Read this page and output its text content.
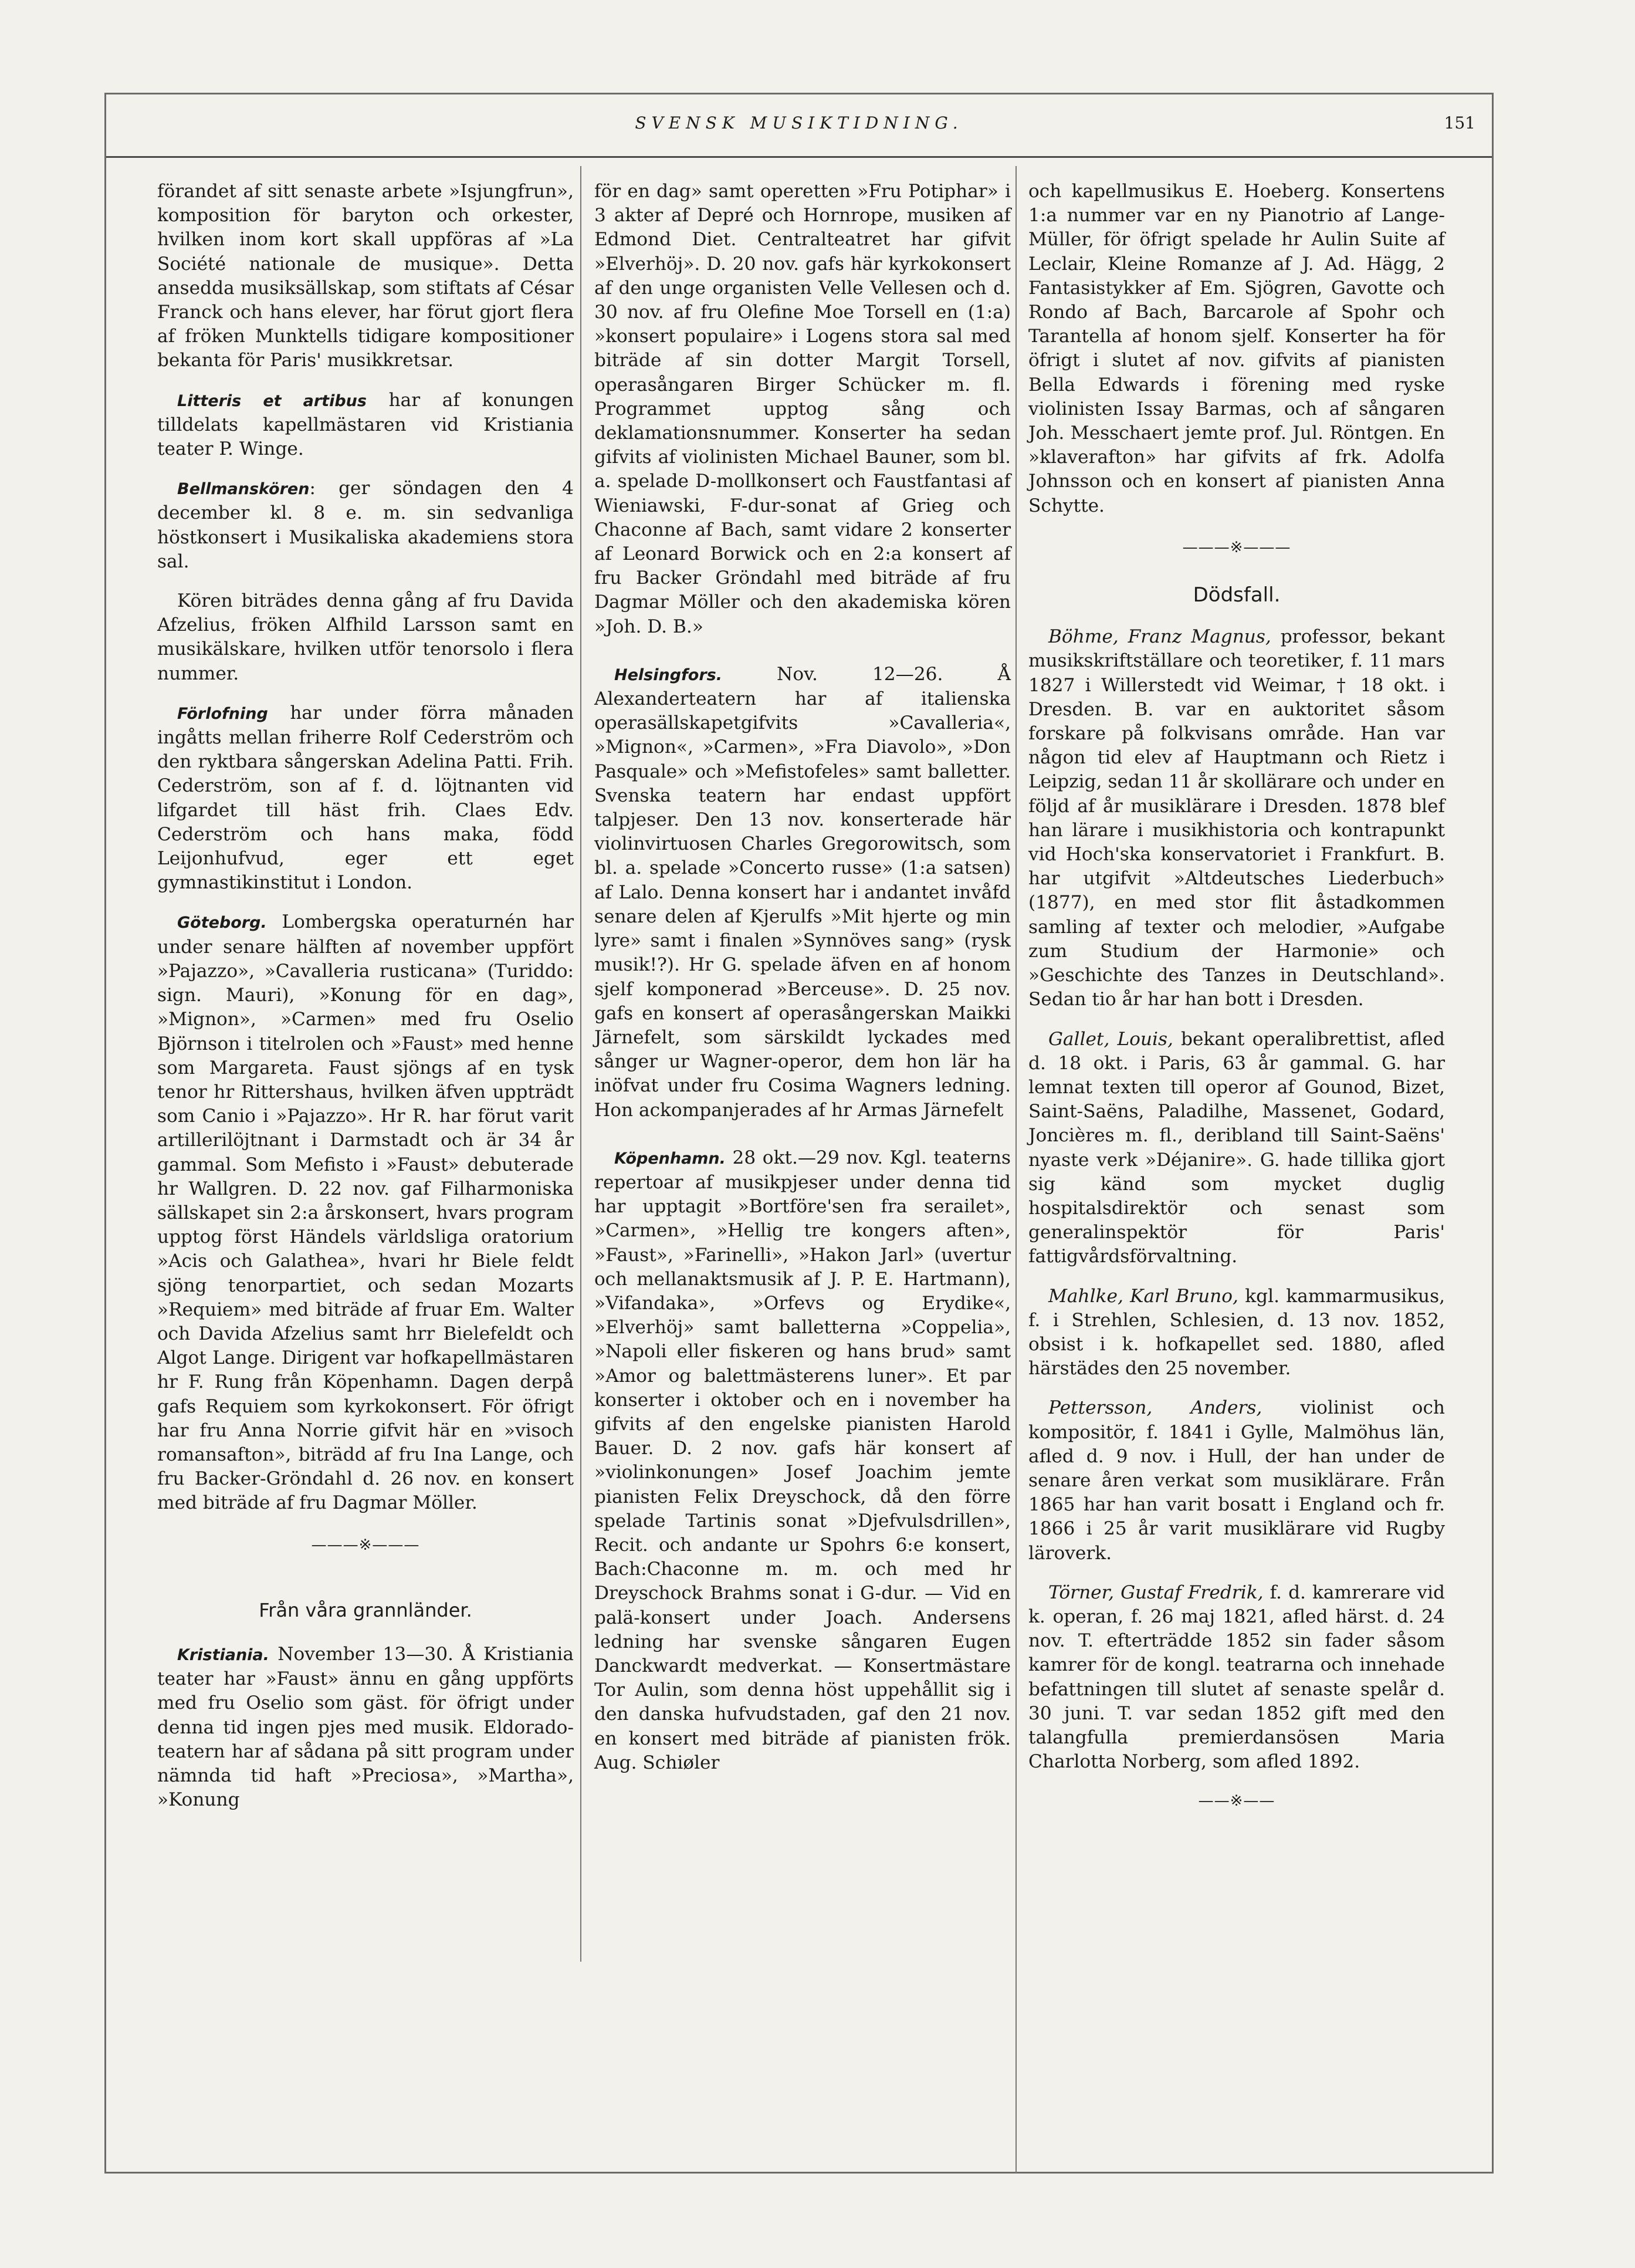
SVENSK MUSIKTIDNING.	151

förandet af sitt senaste arbete »Isjungfrun», komposition för baryton och orkester, hvilken inom kort skall uppföras af »La Société nationale de musique». Detta ansedda musiksällskap, som stiftats af César Franck och hans elever, har förut gjort flera af fröken Munktells tidigare kompositioner bekanta för Paris' musikkretsar.

Litteris et artibus har af konungen tilldelats kapellmästaren vid Kristiania teater P. Winge.

Bellmanskören: ger söndagen den 4 december kl. 8 e. m. sin sedvanliga höstkonsert i Musikaliska akademiens stora sal.

Kören biträdes denna gång af fru Davida Afzelius, fröken Alfhild Larsson samt en musikälskare, hvilken utför tenorsolo i flera nummer.

Förlofning har under förra månaden ingåtts mellan friherre Rolf Cederström och den ryktbara sångerskan Adelina Patti. Frih. Cederström, son af f. d. löjtnanten vid lifgardet till häst frih. Claes Edv. Cederström och hans maka, född Leijonhufvud, eger ett eget gymnastikinstitut i London.

Göteborg. Lombergska operaturnén har under senare hälften af november uppfört »Pajazzo», »Cavalleria rusticana» (Turiddo: sign. Mauri), »Konung för en dag», »Mignon», »Carmen» med fru Oselio Björnson i titelrolen och »Faust» med henne som Margareta. Faust sjöngs af en tysk tenor hr Rittershaus, hvilken äfven uppträdt som Canio i »Pajazzo». Hr R. har förut varit artillerilöjtnant i Darmstadt och är 34 år gammal. Som Mefisto i »Faust» debuterade hr Wallgren. D. 22 nov. gaf Filharmoniska sällskapet sin 2:a årskonsert, hvars program upptog först Händels världsliga oratorium »Acis och Galathea», hvari hr Biele feldt sjöng tenorpartiet, och sedan Mozarts »Requiem» med biträde af fruar Em. Walter och Davida Afzelius samt hrr Bielefeldt och Algot Lange. Dirigent var hofkapellmästaren hr F. Rung från Köpenhamn. Dagen derpå gafs Requiem som kyrkokonsert. För öfrigt har fru Anna Norrie gifvit här en »visoch romansafton», biträdd af fru Ina Lange, och fru Backer-Gröndahl d. 26 nov. en konsert med biträde af fru Dagmar Möller.

———※———
Från våra grannländer.

Kristiania. November 13—30. Å Kristiania teater har »Faust» ännu en gång uppförts med fru Oselio som gäst. för öfrigt under denna tid ingen pjes med musik. Eldorado-teatern har af sådana på sitt program under nämnda tid haft »Preciosa», »Martha», »Konung

för en dag» samt operetten »Fru Potiphar» i 3 akter af Depré och Hornrope, musiken af Edmond Diet. Centralteatret har gifvit »Elverhöj». D. 20 nov. gafs här kyrkokonsert af den unge organisten Velle Vellesen och d. 30 nov. af fru Olefine Moe Torsell en (1:a) »konsert populaire» i Logens stora sal med biträde af sin dotter Margit Torsell, operasångaren Birger Schücker m. fl. Programmet upptog sång och deklamationsnummer. Konserter ha sedan gifvits af violinisten Michael Bauner, som bl. a. spelade D-mollkonsert och Faustfantasi af Wieniawski, F-dur-sonat af Grieg och Chaconne af Bach, samt vidare 2 konserter af Leonard Borwick och en 2:a konsert af fru Backer Gröndahl med biträde af fru Dagmar Möller och den akademiska kören »Joh. D. B.»

Helsingfors.	Nov. 12—26. Å Alexanderteatern har af italienska operasällskapetgifvits »Cavalleria«, »Mignon«, »Carmen», »Fra Diavolo», »Don Pasquale» och »Mefistofeles» samt balletter. Svenska teatern har endast uppfört talpjeser. Den 13 nov. konserterade här violinvirtuosen Charles Gregorowitsch, som bl. a. spelade »Concerto russe» (1:a satsen) af Lalo. Denna konsert har i andantet invåfd senare delen af Kjerulfs »Mit hjerte og min lyre» samt i finalen »Synnöves sang» (rysk musik!?). Hr G. spelade äfven en af honom sjelf komponerad »Berceuse». D. 25 nov. gafs en konsert af operasångerskan Maikki Järnefelt, som särskildt lyckades med sånger ur Wagner-operor, dem hon lär ha inöfvat under fru Cosima Wagners ledning. Hon ackompanjerades af hr Armas Järnefelt

Köpenhamn. 28 okt.—29 nov. Kgl. teaterns repertoar af musikpjeser under denna tid har upptagit »Bortföre'sen fra serailet», »Carmen», »Hellig tre kongers aften», »Faust», »Farinelli», »Hakon Jarl» (uvertur och mellanaktsmusik af J. P. E. Hartmann), »Vifandaka», »Orfevs og Erydike«, »Elverhöj» samt balletterna »Coppelia», »Napoli eller fiskeren og hans brud» samt »Amor og balettmästerens luner». Et par konserter i oktober och en i november ha gifvits af den engelske pianisten Harold Bauer. D. 2 nov. gafs här konsert af »violinkonungen» Josef Joachim jemte pianisten Felix Dreyschock, då den förre spelade Tartinis sonat »Djefvulsdrillen», Recit. och andante ur Spohrs 6:e konsert, Bach:Chaconne m. m. och med hr Dreyschock Brahms sonat i G-dur. — Vid en palä-konsert under Joach. Andersens ledning har svenske sångaren Eugen Danckwardt medverkat. — Konsertmästare Tor Aulin, som denna höst uppehållit sig i den danska hufvudstaden, gaf den 21 nov. en konsert med biträde af pianisten frök. Aug. Schiøler

och kapellmusikus E. Hoeberg. Konsertens 1:a nummer var en ny Pianotrio af Lange-Müller, för öfrigt spelade hr Aulin Suite af Leclair, Kleine Romanze af J. Ad. Hägg, 2 Fantasistykker af Em. Sjögren, Gavotte och Rondo af Bach, Barcarole af Spohr och Tarantella af honom sjelf. Konserter ha för öfrigt i slutet af nov. gifvits af pianisten Bella Edwards i förening med ryske violinisten Issay Barmas, och af sångaren Joh. Messchaert jemte prof. Jul. Röntgen. En »klaverafton» har gifvits af frk. Adolfa Johnsson och en konsert af pianisten Anna Schytte.

———※———
Dödsfall.

Böhme, Franz Magnus, professor, bekant musikskriftställare och teoretiker, f. 11 mars 1827 i Willerstedt vid Weimar, † 18 okt. i Dresden. B. var en auktoritet såsom forskare på folkvisans område. Han var någon tid elev af Hauptmann och Rietz i Leipzig, sedan 11 år skollärare och under en följd af år musiklärare i Dresden. 1878 blef han lärare i musikhistoria och kontrapunkt vid Hoch'ska konservatoriet i Frankfurt. B. har utgifvit »Altdeutsches Liederbuch» (1877), en med stor flit åstadkommen samling af texter och melodier, »Aufgabe zum Studium der Harmonie» och »Geschichte des Tanzes in Deutschland». Sedan tio år har han bott i Dresden.

Gallet, Louis, bekant operalibrettist, afled d. 18 okt. i Paris, 63 år gammal. G. har lemnat texten till operor af Gounod, Bizet, Saint-Saëns, Paladilhe, Massenet, Godard, Joncières m. fl., deribland till Saint-Saëns' nyaste verk »Déjanire». G. hade tillika gjort sig känd som mycket duglig hospitalsdirektör och senast som generalinspektör för Paris' fattigvårdsförvaltning.

Mahlke, Karl Bruno, kgl. kammarmusikus, f. i Strehlen, Schlesien, d. 13 nov. 1852, obsist i k. hofkapellet sed. 1880, afled härstädes den 25 november.

Pettersson, Anders, violinist och kompositör, f. 1841 i Gylle, Malmöhus län, afled d. 9 nov. i Hull, der han under de senare åren verkat som musiklärare. Från 1865 har han varit bosatt i England och fr. 1866 i 25 år varit musiklärare vid Rugby läroverk.

Törner, Gustaf Fredrik, f. d. kamrerare vid k. operan, f. 26 maj 1821, afled härst. d. 24 nov. T. efterträdde 1852 sin fader såsom kamrer för de kongl. teatrarna och innehade befattningen till slutet af senaste spelår d. 30 juni. T. var sedan 1852 gift med den talangfulla premierdansösen Maria Charlotta Norberg, som afled 1892.

——※——
